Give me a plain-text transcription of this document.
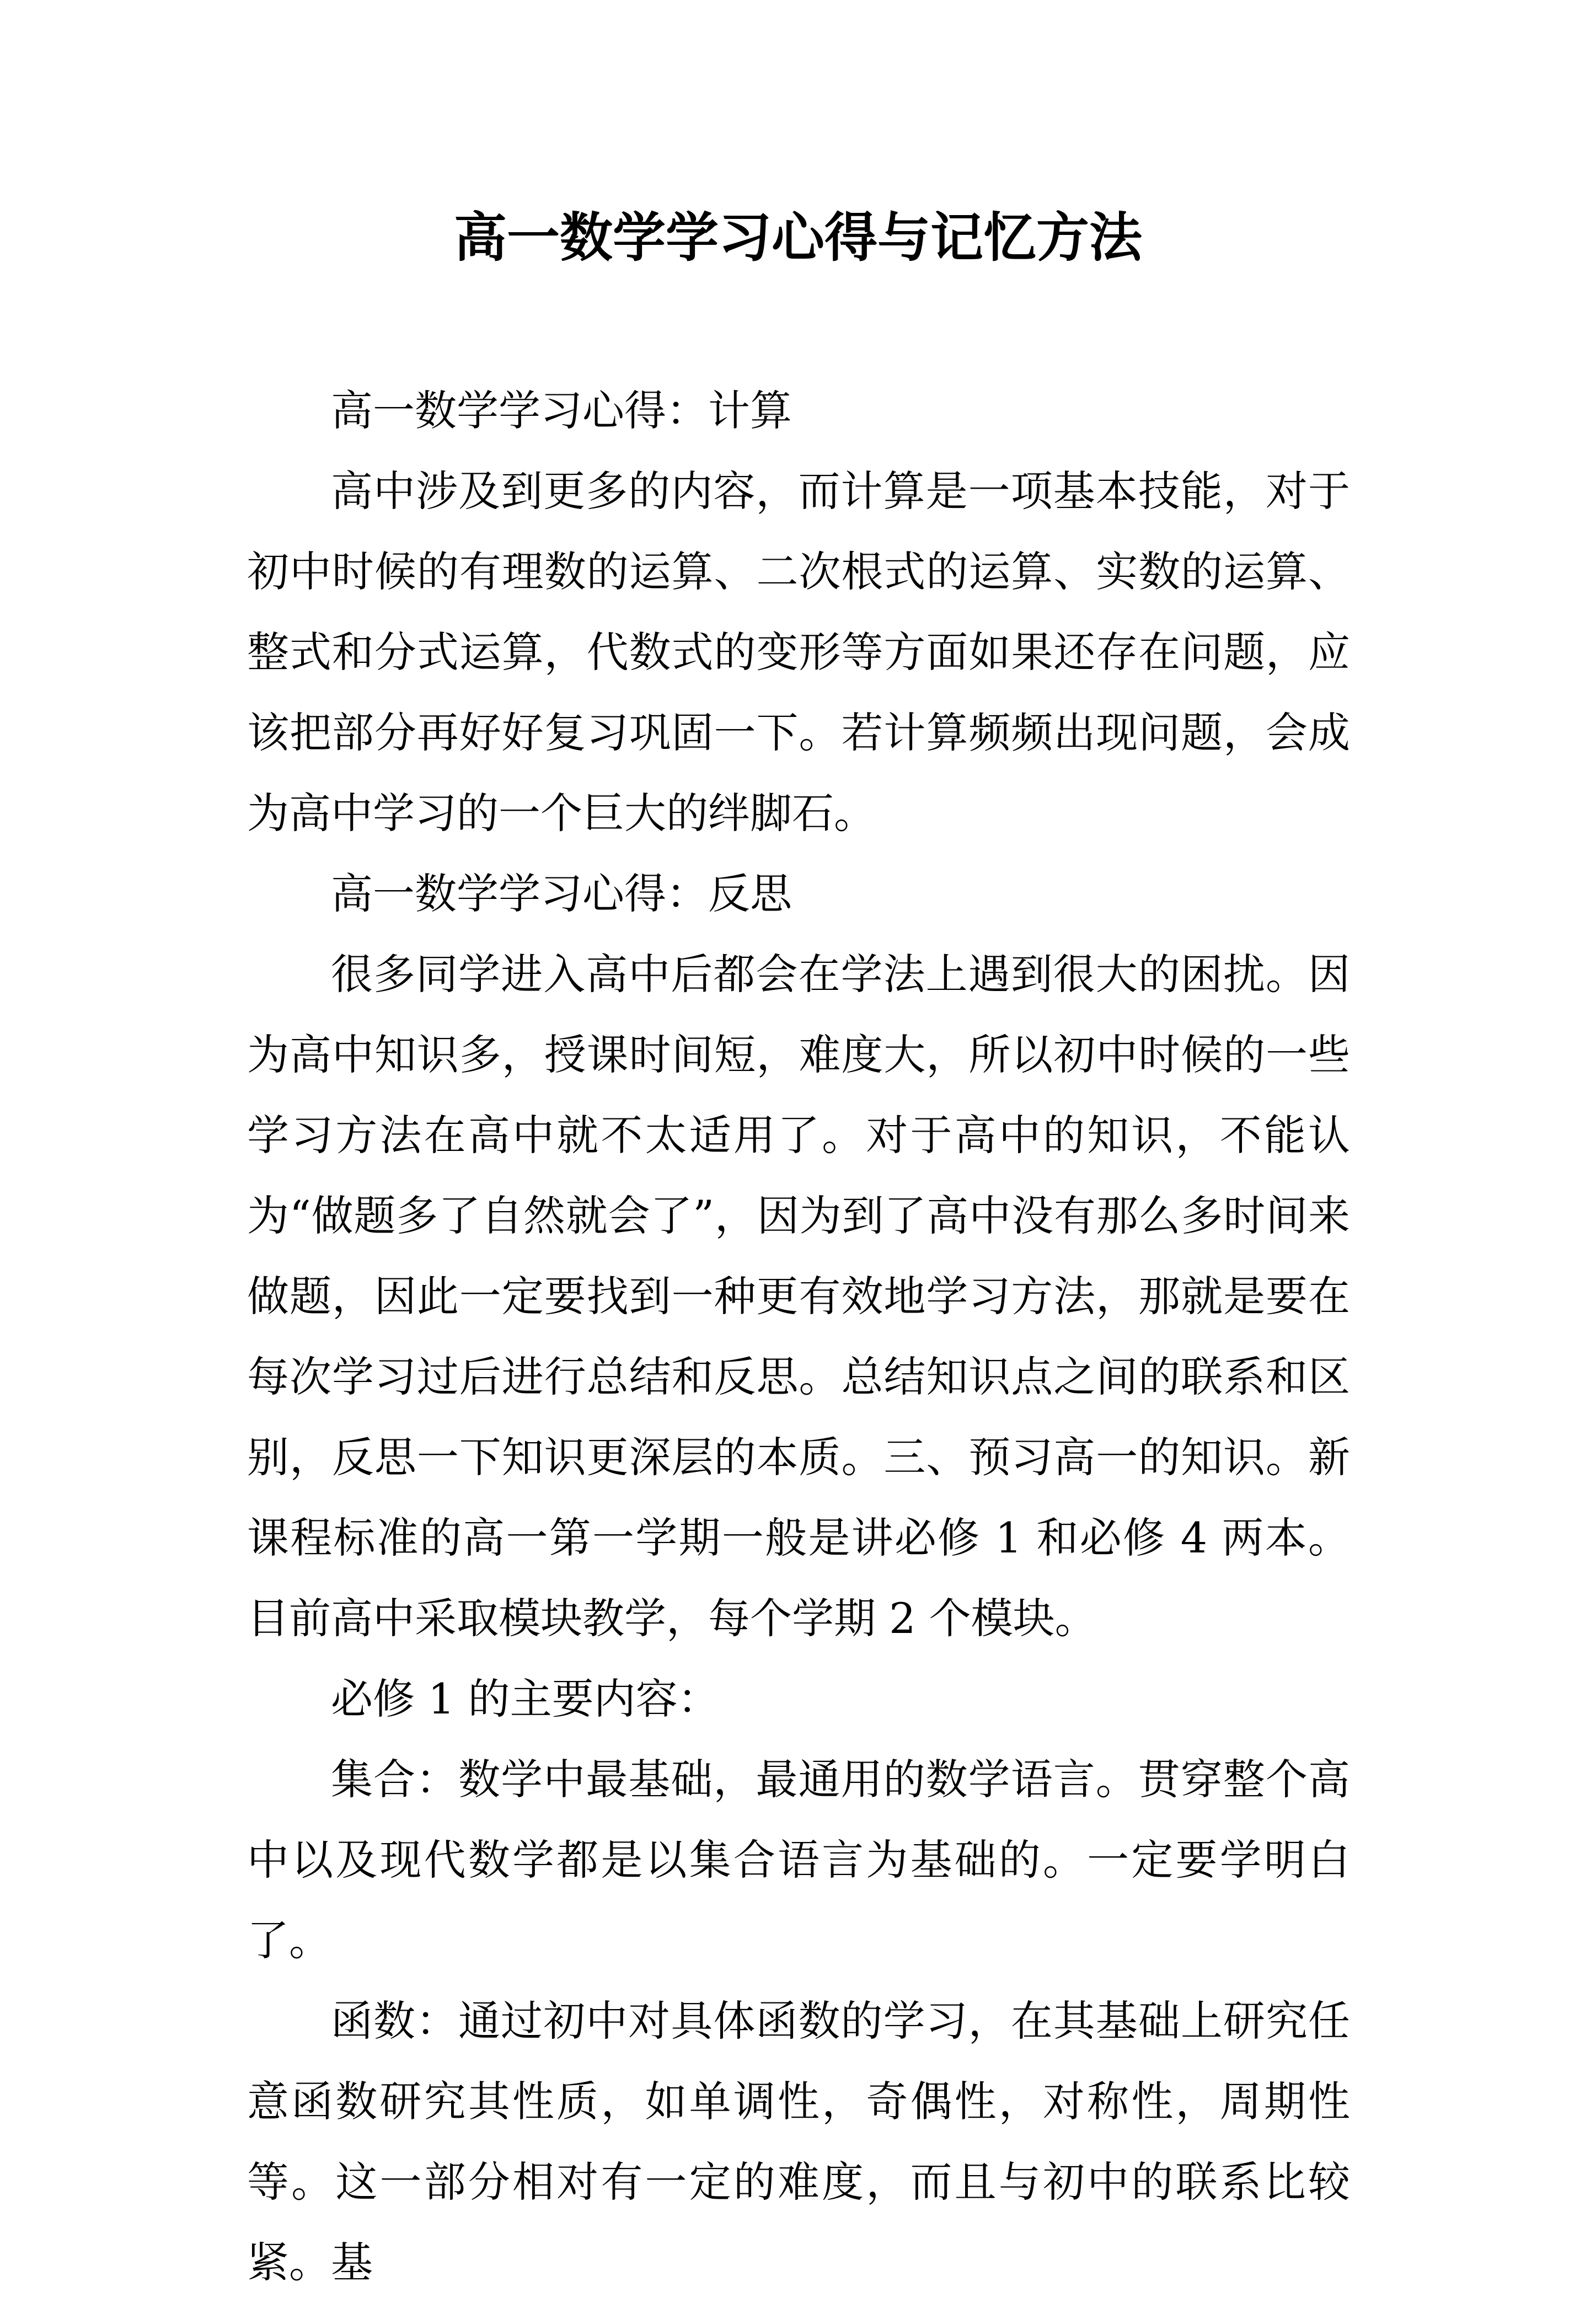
高一数学学习心得与记忆方法

高一数学学习心得：计算

高中涉及到更多的内容，而计算是一项基本技能，对于初中时候的有理数的运算、二次根式的运算、实数的运算、整式和分式运算，代数式的变形等方面如果还存在问题，应该把部分再好好复习巩固一下。若计算频频出现问题，会成为高中学习的一个巨大的绊脚石。

高一数学学习心得：反思

很多同学进入高中后都会在学法上遇到很大的困扰。因为高中知识多，授课时间短，难度大，所以初中时候的一些学习方法在高中就不太适用了。对于高中的知识，不能认为“做题多了自然就会了”，因为到了高中没有那么多时间来做题，因此一定要找到一种更有效地学习方法，那就是要在每次学习过后进行总结和反思。总结知识点之间的联系和区别，反思一下知识更深层的本质。三、预习高一的知识。新课程标准的高一第一学期一般是讲必修 1 和必修 4 两本。目前高中采取模块教学，每个学期 2 个模块。

必修 1 的主要内容：

集合：数学中最基础，最通用的数学语言。贯穿整个高中以及现代数学都是以集合语言为基础的。一定要学明白了。

函数：通过初中对具体函数的学习，在其基础上研究任意函数研究其性质，如单调性，奇偶性，对称性，周期性等。这一部分相对有一定的难度，而且与初中的联系比较紧。基
